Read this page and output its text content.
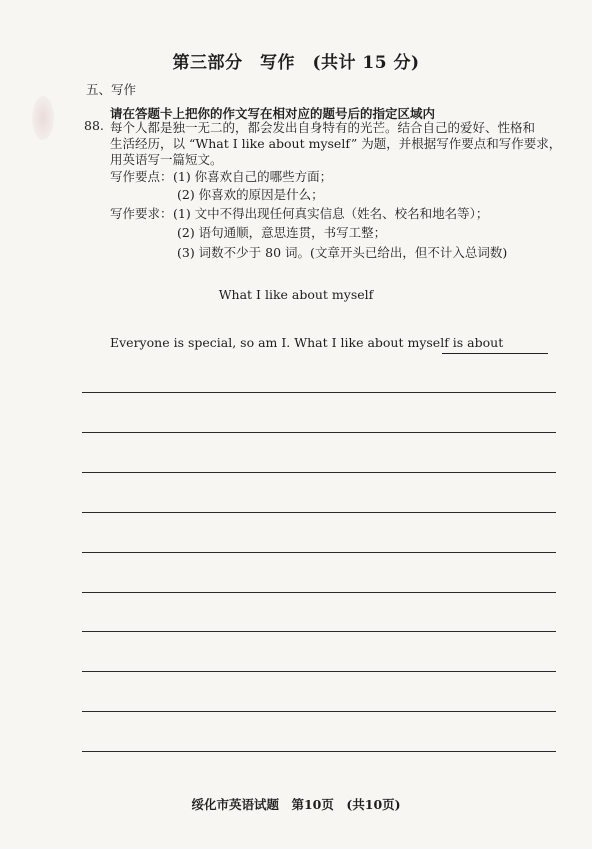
第三部分　写作　(共计 15 分)
五、写作
请在答题卡上把你的作文写在相对应的题号后的指定区域内
88. 每个人都是独一无二的，都会发出自身特有的光芒。结合自己的爱好、性格和
生活经历，以 “What I like about myself” 为题，并根据写作要点和写作要求，
用英语写一篇短文。
写作要点： (1) 你喜欢自己的哪些方面；
(2) 你喜欢的原因是什么；
写作要求： (1) 文中不得出现任何真实信息（姓名、校名和地名等）；
(2) 语句通顺，意思连贯，书写工整；
(3) 词数不少于 80 词。(文章开头已给出，但不计入总词数)
What I like about myself
Everyone is special, so am I. What I like about myself is about
绥化市英语试题　第10页　(共10页)
